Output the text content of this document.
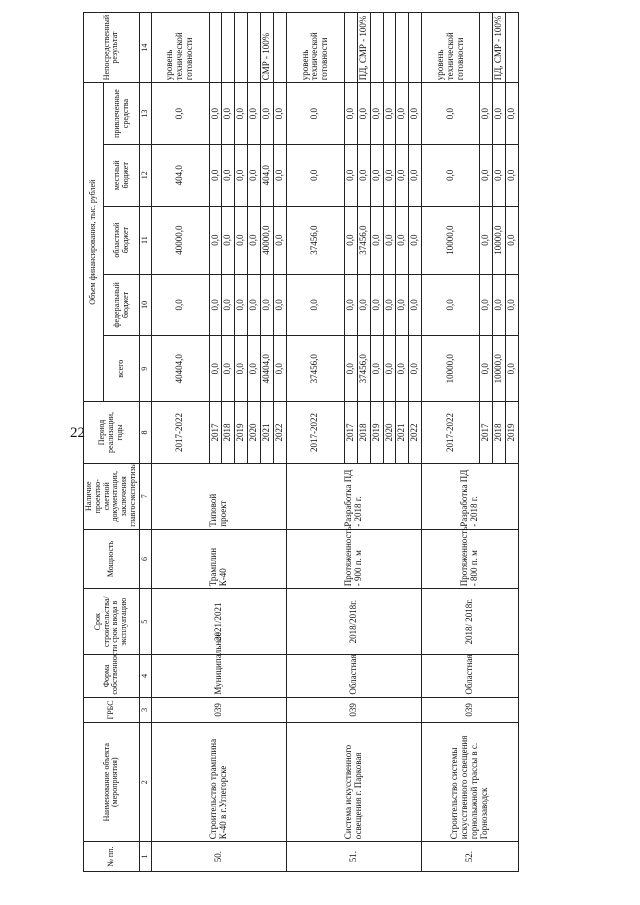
22
№ пп.	Наименование объекта (мероприятия)	ГРБС	Форма собственности	Срок строительства/срок ввода в эксплуатацию	Мощность	Наличие проектно-сметной документации, заключения главгосэкспертизы	Период реализации, годы	Объем финансирования, тыс. рублей					Непосредственный результат
								всего	федеральный бюджет	областной бюджет	местный бюджет	привлеченные средства	
1	2	3	4	5	6	7	8	9	10	11	12	13	14
50.	Строительство трамплина К-40 в г.Углегорске	039	Муниципальное	2021/2021	Трамплин К-40	Типовой проект	2017-2022	40404,0	0,0	40000,0	404,0	0,0	уровень технической готовности
							2017	0,0	0,0	0,0	0,0	0,0	
							2018	0,0	0,0	0,0	0,0	0,0	
							2019	0,0	0,0	0,0	0,0	0,0	
							2020	0,0	0,0	0,0	0,0	0,0	
							2021	40404,0	0,0	40000,0	404,0	0,0	СМР - 100%
							2022	0,0	0,0	0,0	0,0	0,0	
51.	Система искусственного освещения г. Парковая	039	Областная	2018/2018г.	Протяженность - 900 п. м	Разработка ПД - 2018 г.	2017-2022	37456,0	0,0	37456,0	0,0	0,0	уровень технической готовности
							2017	0,0	0,0	0,0	0,0	0,0	
							2018	37456,0	0,0	37456,0	0,0	0,0	ПД, СМР - 100%
							2019	0,0	0,0	0,0	0,0	0,0	
							2020	0,0	0,0	0,0	0,0	0,0	
							2021	0,0	0,0	0,0	0,0	0,0	
							2022	0,0	0,0	0,0	0,0	0,0	
52.	Строительство системы искусственного освещения горнолыжной трассы в с. Горнозаводск	039	Областная	2018/ 2018г.	Протяженность - 800 п. м	Разработка ПД - 2018 г.	2017-2022	10000,0	0,0	10000,0	0,0	0,0	уровень технической готовности
							2017	0,0	0,0	0,0	0,0	0,0	
							2018	10000,0	0,0	10000,0	0,0	0,0	ПД, СМР - 100%
							2019	0,0	0,0	0,0	0,0	0,0	
